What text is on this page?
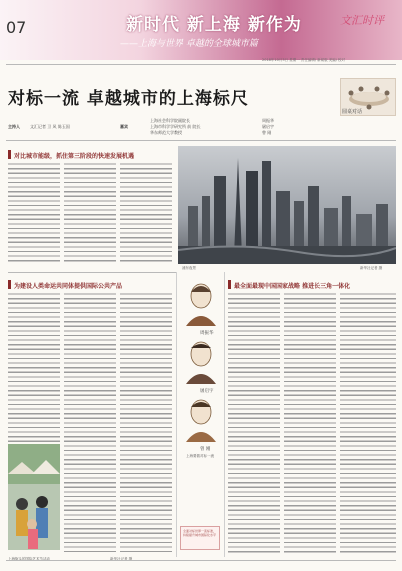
07	新时代 新上海 新作为
——上海与世界 卓越的全球城市篇
文汇时评
2018年10月3日 星期一 责任编辑/ 新闻版 美编/ 校对
对标一流 卓越城市的上海标尺
圆桌对话
主持人	文汇记者 卫 风 陈玉国	嘉宾
上海社会科学院副院长
上海市科学学研究所 前 院长
华东师范大学教授
周振华
屠启宇
曾 刚
对比城市能级，抓住第三阶段的快速发展机遇
浦东夜景	新华社记者 摄
为建设人类命运共同体提供国际公共产品
上海街头的国际艺术节活动	新华社记者 摄
周振华
屠启宇
曾 刚
上海要做对标一流
全面对标世界一流标准，持续提升城市国际化水平
最全面最现中国国家战略 推进长三角一体化
